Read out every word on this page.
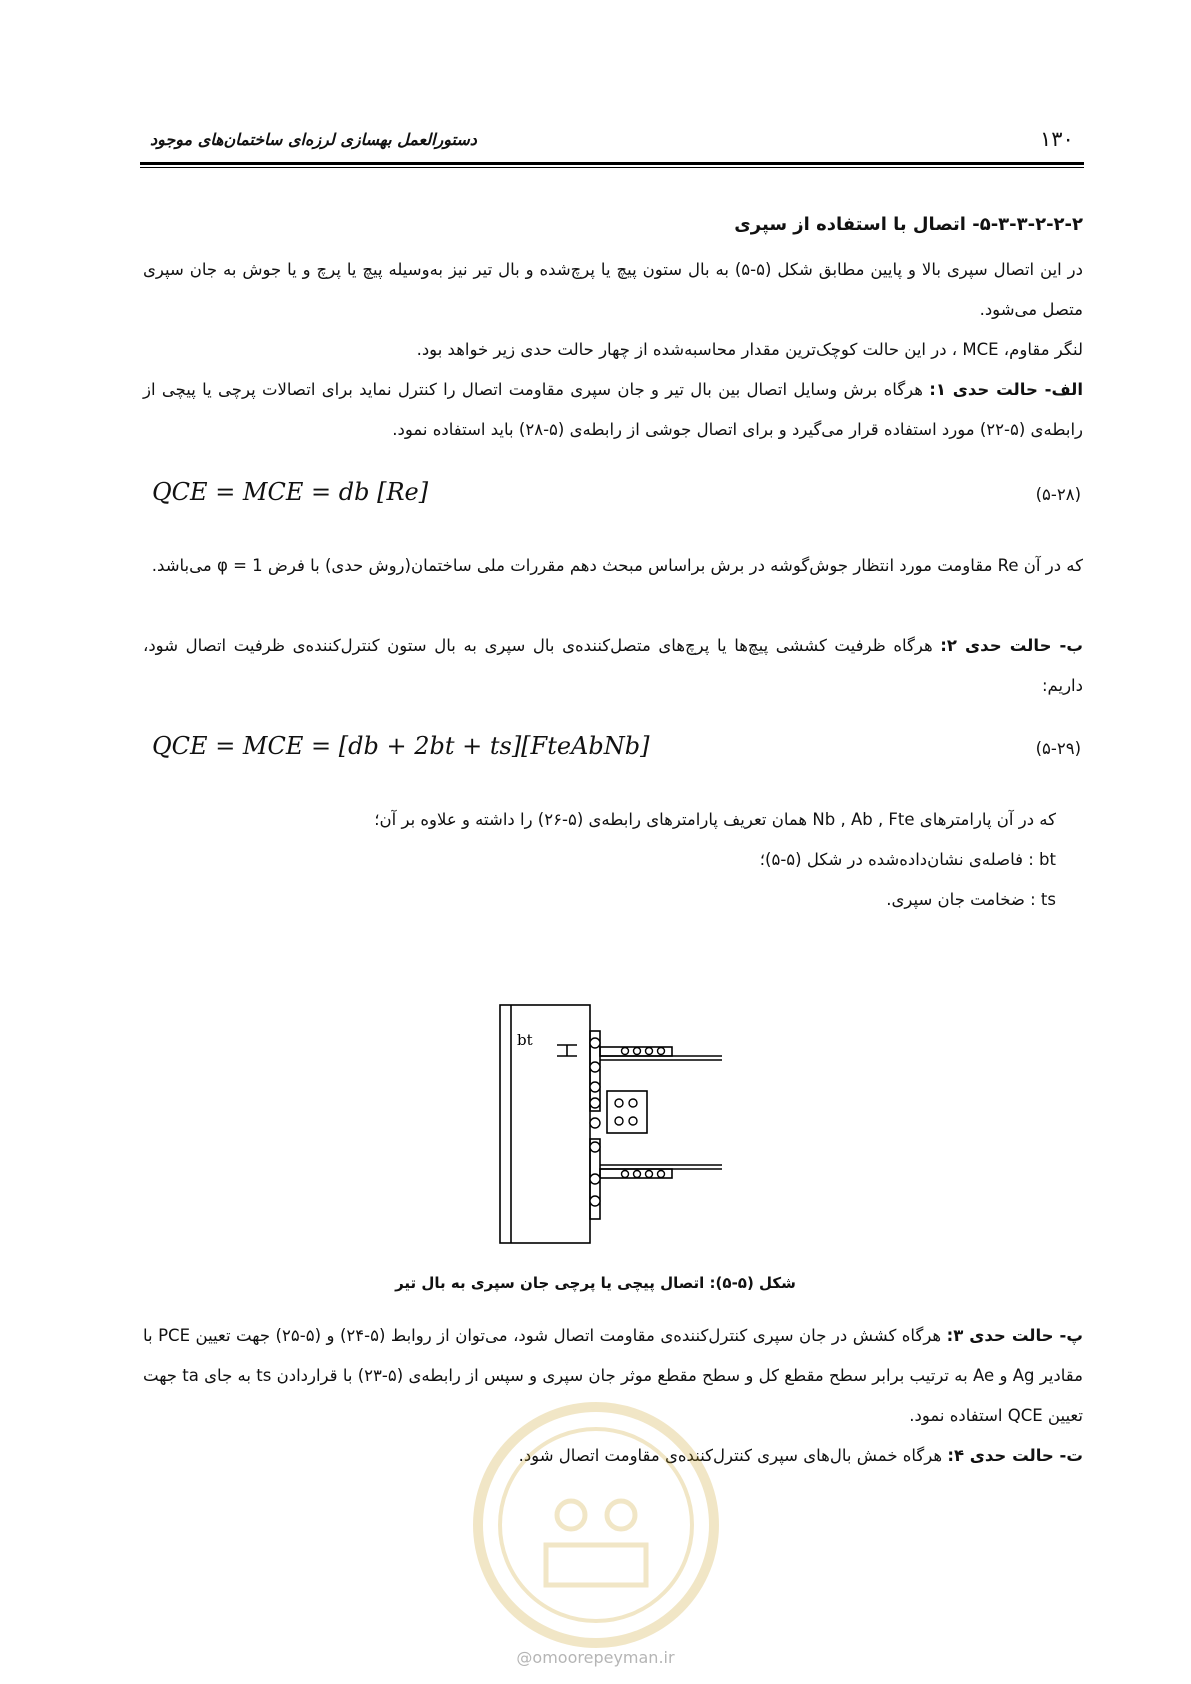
۱۳۰
دستورالعمل بهسازی لرزه‌ای ساختمان‌های موجود
۵-۳-۳-۲-۲-۲- اتصال با استفاده از سپری
در این اتصال سپری بالا و پایین مطابق شکل (۵-۵) به بال ستون پیچ یا پرچ‌شده و بال تیر نیز به‌وسیله پیچ یا پرچ و یا جوش به جان سپری متصل می‌شود.
لنگر مقاوم، MCE ، در این حالت کوچک‌ترین مقدار محاسبه‌شده از چهار حالت حدی زیر خواهد بود.
الف- حالت حدی ۱: هرگاه برش وسایل اتصال بین بال تیر و جان سپری مقاومت اتصال را کنترل نماید برای اتصالات پرچی یا پیچی از رابطه‌ی (۵-۲۲) مورد استفاده قرار می‌گیرد و برای اتصال جوشی از رابطه‌ی (۵-۲۸) باید استفاده نمود.
QCE = MCE = db [Re]	(۵-۲۸)
که در آن Re مقاومت مورد انتظار جوش‌گوشه در برش براساس مبحث دهم مقررات ملی ساختمان(روش حدی) با فرض φ = 1 می‌باشد.
ب- حالت حدی ۲: هرگاه ظرفیت کششی پیچ‌ها یا پرچ‌های متصل‌کننده‌ی بال سپری به بال ستون کنترل‌کننده‌ی ظرفیت اتصال شود، داریم:
QCE = MCE = [db + 2bt + ts][FteAbNb]	(۵-۲۹)
که در آن پارامترهای Nb , Ab , Fte همان تعریف پارامترهای رابطه‌ی (۵-۲۶) را داشته و علاوه بر آن؛
bt : فاصله‌ی نشان‌داده‌شده در شکل (۵-۵)؛
ts : ضخامت جان سپری.
bt
شکل (۵-۵): اتصال پیچی یا پرچی جان سپری به بال تیر
پ- حالت حدی ۳: هرگاه کشش در جان سپری کنترل‌کننده‌ی مقاومت اتصال شود، می‌توان از روابط (۵-۲۴) و (۵-۲۵) جهت تعیین PCE با مقادیر Ag و Ae به ترتیب برابر سطح مقطع کل و سطح مقطع موثر جان سپری و سپس از رابطه‌ی (۵-۲۳) با قراردادن ts به جای ta جهت تعیین QCE استفاده نمود.
ت- حالت حدی ۴: هرگاه خمش بال‌های سپری کنترل‌کننده‌ی مقاومت اتصال شود.
@omoorepeyman.ir
